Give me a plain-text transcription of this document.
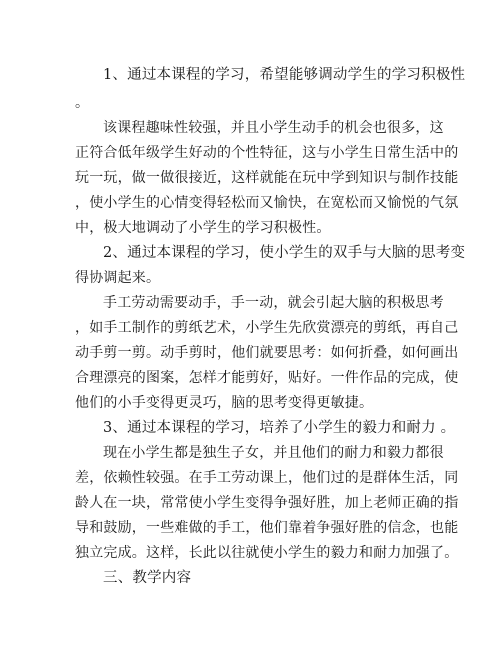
1、通过本课程的学习，希望能够调动学生的学习积极性
。
该课程趣味性较强，并且小学生动手的机会也很多，这
正符合低年级学生好动的个性特征，这与小学生日常生活中的
玩一玩，做一做很接近，这样就能在玩中学到知识与制作技能
，使小学生的心情变得轻松而又愉快，在宽松而又愉悦的气氛
中，极大地调动了小学生的学习积极性。
2、通过本课程的学习，使小学生的双手与大脑的思考变
得协调起来。
手工劳动需要动手，手一动，就会引起大脑的积极思考
，如手工制作的剪纸艺术，小学生先欣赏漂亮的剪纸，再自己
动手剪一剪。动手剪时，他们就要思考：如何折叠，如何画出
合理漂亮的图案，怎样才能剪好，贴好。一件作品的完成，使
他们的小手变得更灵巧，脑的思考变得更敏捷。
3、通过本课程的学习，培养了小学生的毅力和耐力 。
现在小学生都是独生子女，并且他们的耐力和毅力都很
差，依赖性较强。在手工劳动课上，他们过的是群体生活，同
龄人在一块，常常使小学生变得争强好胜，加上老师正确的指
导和鼓励，一些难做的手工，他们靠着争强好胜的信念，也能
独立完成。这样，长此以往就使小学生的毅力和耐力加强了。
三、教学内容
